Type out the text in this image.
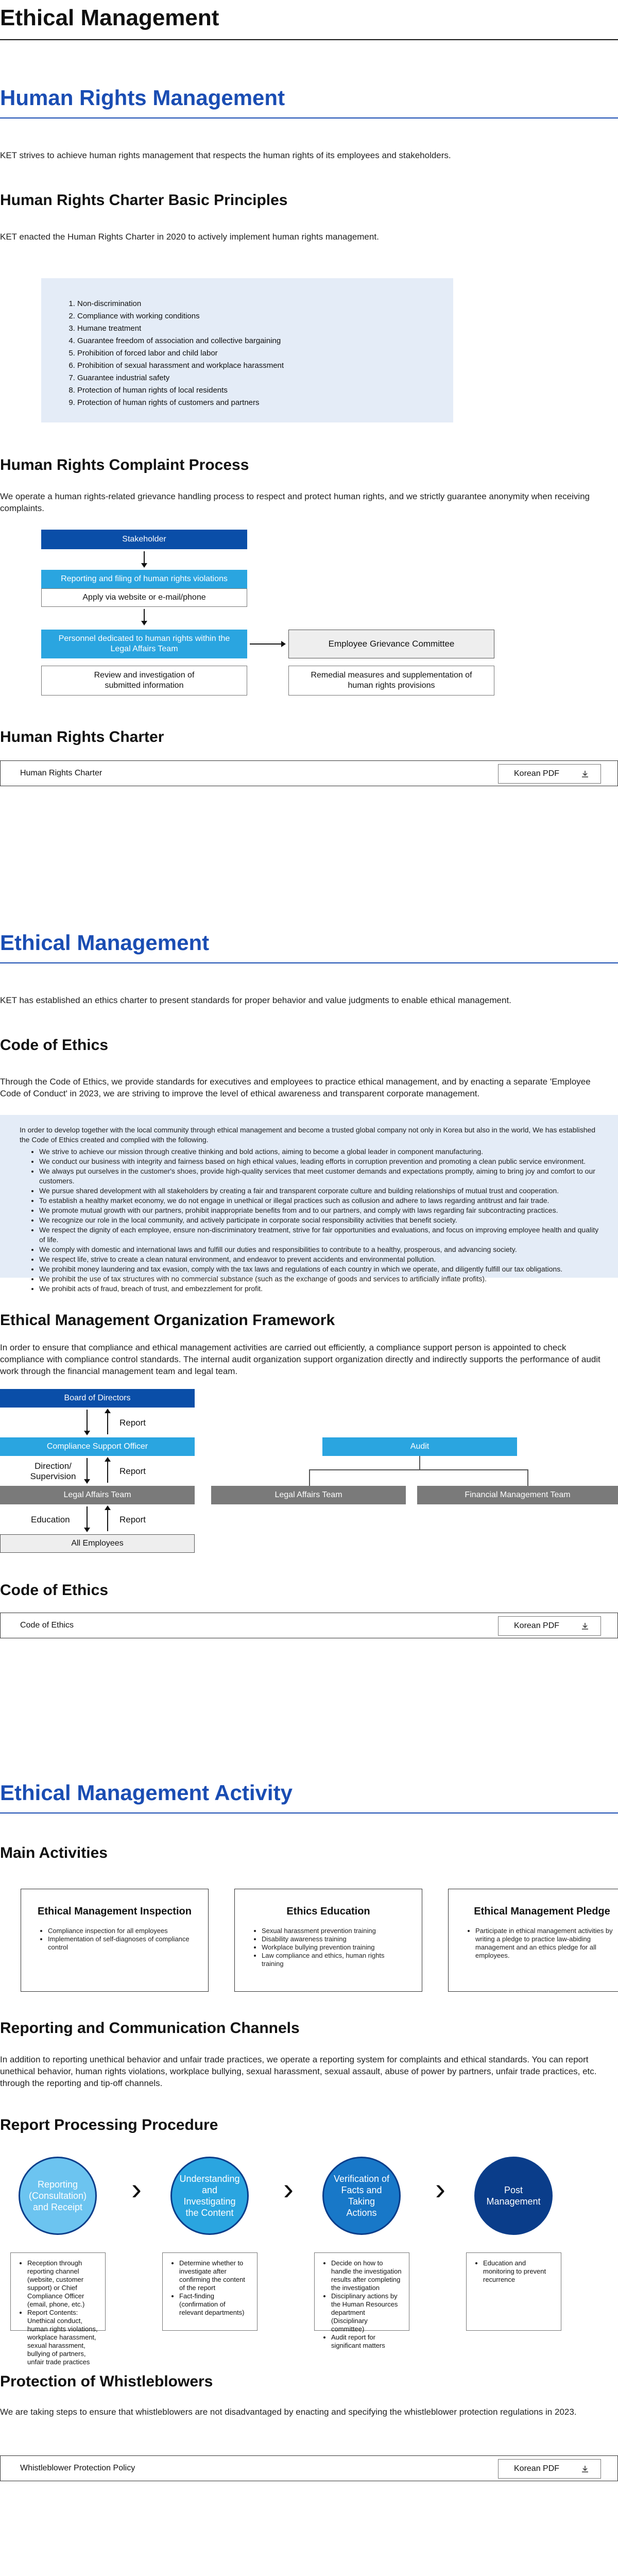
Ethical Management
Human Rights Management
KET strives to achieve human rights management that respects the human rights of its employees and stakeholders.
Human Rights Charter Basic Principles
KET enacted the Human Rights Charter in 2020 to actively implement human rights management.
1. Non-discrimination
2. Compliance with working conditions
3. Humane treatment
4. Guarantee freedom of association and collective bargaining
5. Prohibition of forced labor and child labor
6. Prohibition of sexual harassment and workplace harassment
7. Guarantee industrial safety
8. Protection of human rights of local residents
9. Protection of human rights of customers and partners
Human Rights Complaint Process
We operate a human rights-related grievance handling process to respect and protect human rights, and we strictly guarantee anonymity when receiving complaints.
Stakeholder
Reporting and filing of human rights violations
Apply via website or e-mail/phone
Personnel dedicated to human rights within the Legal Affairs Team
Review and investigation of submitted information
Employee Grievance Committee
Remedial measures and supplementation of human rights provisions
Human Rights Charter
Human Rights Charter	Korean PDF
Ethical Management
KET has established an ethics charter to present standards for proper behavior and value judgments to enable ethical management.
Code of Ethics
Through the Code of Ethics, we provide standards for executives and employees to practice ethical management, and by enacting a separate 'Employee Code of Conduct' in 2023, we are striving to improve the level of ethical awareness and transparent corporate management.
In order to develop together with the local community through ethical management and become a trusted global company not only in Korea but also in the world, We has established the Code of Ethics created and complied with the following.
• We strive to achieve our mission through creative thinking and bold actions, aiming to become a global leader in component manufacturing.
• We conduct our business with integrity and fairness based on high ethical values, leading efforts in corruption prevention and promoting a clean public service environment.
• We always put ourselves in the customer's shoes, provide high-quality services that meet customer demands and expectations promptly, aiming to bring joy and comfort to our customers.
• We pursue shared development with all stakeholders by creating a fair and transparent corporate culture and building relationships of mutual trust and cooperation.
• To establish a healthy market economy, we do not engage in unethical or illegal practices such as collusion and adhere to laws regarding antitrust and fair trade.
• We promote mutual growth with our partners, prohibit inappropriate benefits from and to our partners, and comply with laws regarding fair subcontracting practices.
• We recognize our role in the local community, and actively participate in corporate social responsibility activities that benefit society.
• We respect the dignity of each employee, ensure non-discriminatory treatment, strive for fair opportunities and evaluations, and focus on improving employee health and quality of life.
• We comply with domestic and international laws and fulfill our duties and responsibilities to contribute to a healthy, prosperous, and advancing society.
• We respect life, strive to create a clean natural environment, and endeavor to prevent accidents and environmental pollution.
• We prohibit money laundering and tax evasion, comply with the tax laws and regulations of each country in which we operate, and diligently fulfill our tax obligations.
• We prohibit the use of tax structures with no commercial substance (such as the exchange of goods and services to artificially inflate profits).
• We prohibit acts of fraud, breach of trust, and embezzlement for profit.
Ethical Management Organization Framework
In order to ensure that compliance and ethical management activities are carried out efficiently, a compliance support person is appointed to check compliance with compliance control standards. The internal audit organization support organization directly and indirectly supports the performance of audit work through the financial management team and legal team.
Board of Directors
Report
Compliance Support Officer
Direction/ Supervision
Report
Legal Affairs Team
Education	Report
All Employees
Audit
Legal Affairs Team	Financial Management Team
Code of Ethics
Code of Ethics	Korean PDF
Ethical Management Activity
Main Activities
Ethical Management Inspection
• Compliance inspection for all employees
• Implementation of self-diagnoses of compliance control
Ethics Education
• Sexual harassment prevention training
• Disability awareness training
• Workplace bullying prevention training
• Law compliance and ethics, human rights training
Ethical Management Pledge
• Participate in ethical management activities by writing a pledge to practice law-abiding management and an ethics pledge for all employees.
Reporting and Communication Channels
In addition to reporting unethical behavior and unfair trade practices, we operate a reporting system for complaints and ethical standards. You can report unethical behavior, human rights violations, workplace bullying, sexual harassment, sexual assault, abuse of power by partners, unfair trade practices, etc. through the reporting and tip-off channels.
Report Processing Procedure
Reporting (Consultation) and Receipt
• Reception through reporting channel (website, customer support) or Chief Compliance Officer (email, phone, etc.)
• Report Contents: Unethical conduct, human rights violations, workplace harassment, sexual harassment, bullying of partners, unfair trade practices
›	Understanding and Investigating the Content
• Determine whether to investigate after confirming the content of the report
• Fact-finding (confirmation of relevant departments)
›	Verification of Facts and Taking Actions
• Decide on how to handle the investigation results after completing the investigation
• Disciplinary actions by the Human Resources department (Disciplinary committee)
• Audit report for significant matters
›	Post Management
• Education and monitoring to prevent recurrence
Protection of Whistleblowers
We are taking steps to ensure that whistleblowers are not disadvantaged by enacting and specifying the whistleblower protection regulations in 2023.
Whistleblower Protection Policy	Korean PDF
